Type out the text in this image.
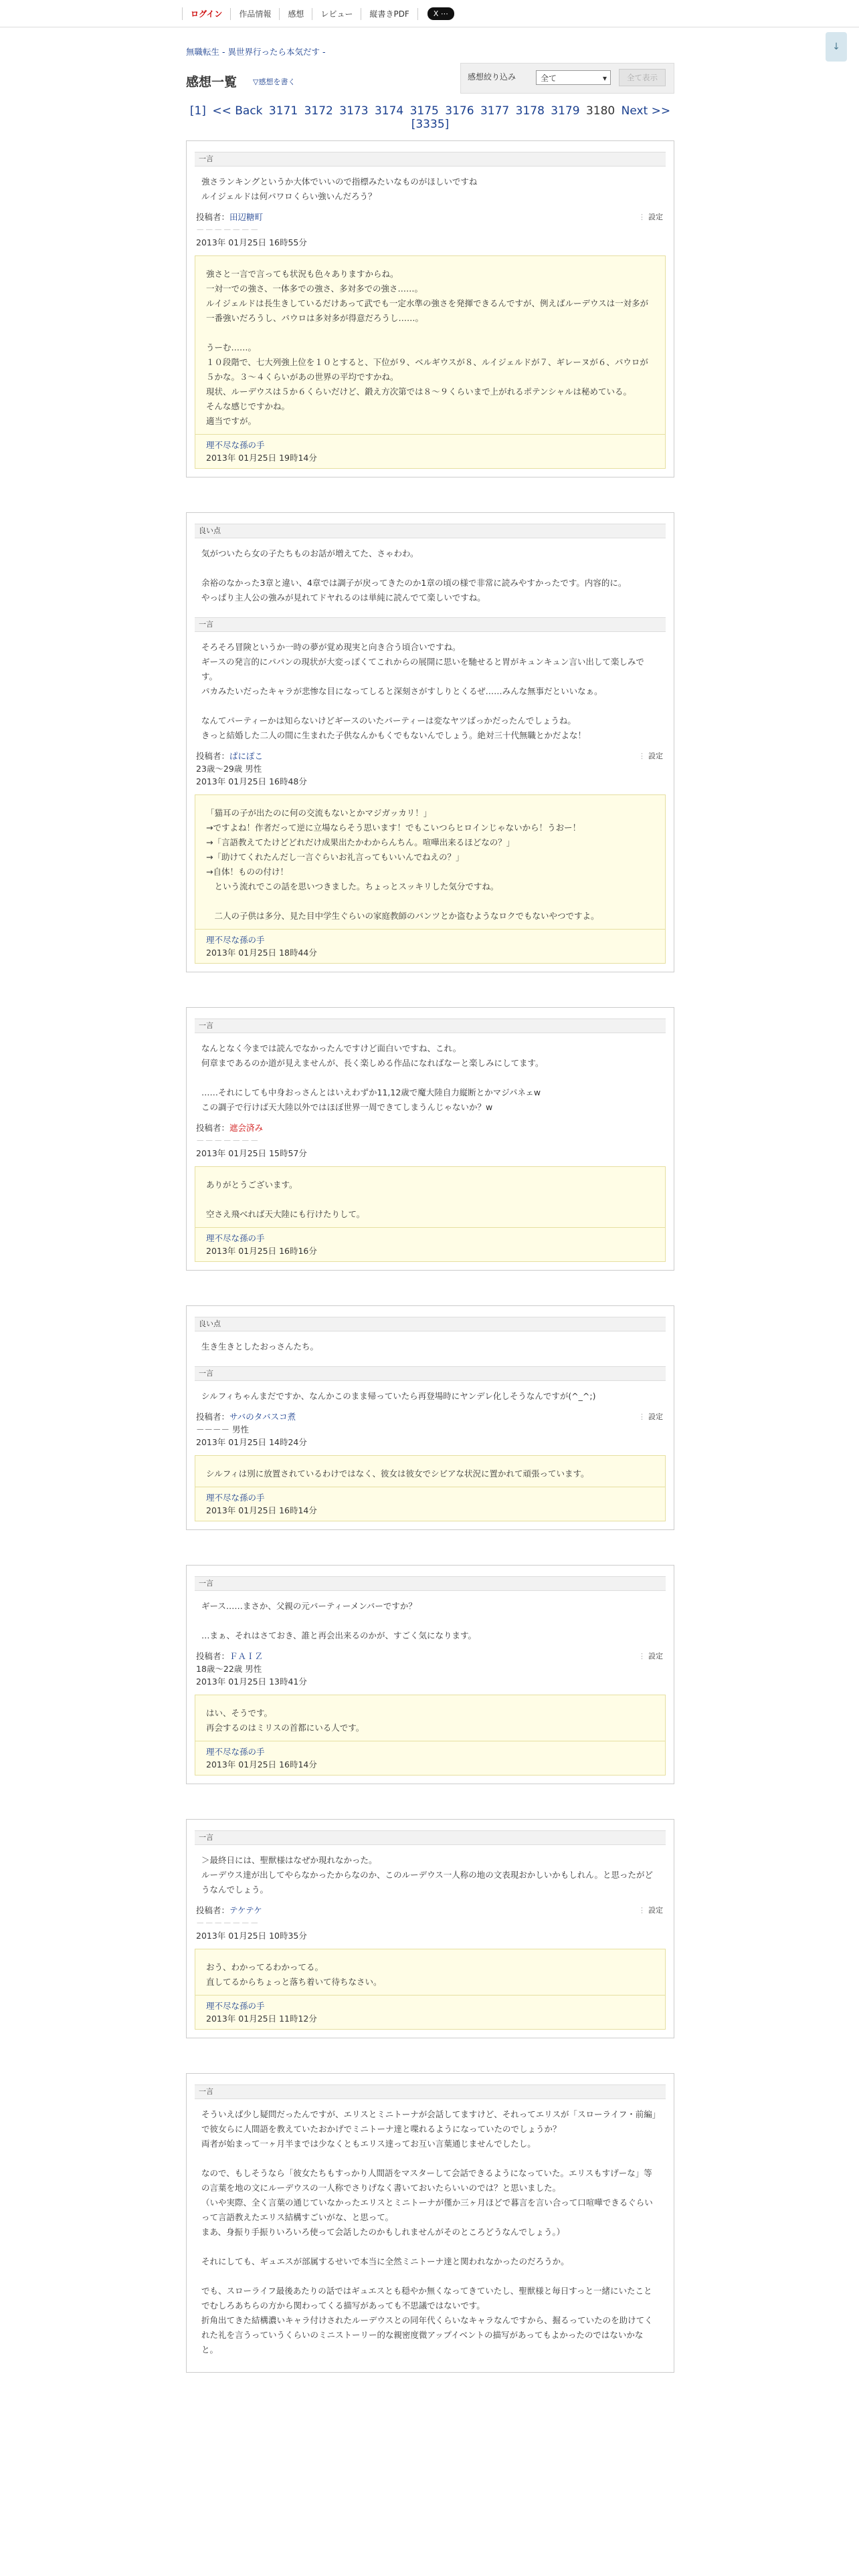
ログイン	作品情報	感想	レビュー	縦書きPDF	X ⋯
↓
無職転生 - 異世界行ったら本気だす -
感想一覧 ▽感想を書く
感想絞り込み	全て ▾	全て表示
[1] << Back 3171 3172 3173 3174 3175 3176 3177 3178 3179 3180 Next >> [3335]
一言
強さランキングというか大体でいいので指標みたいなものがほしいですね
ルイジェルドは何パワロくらい強いんだろう？
投稿者：田辺糖町	⋮ 設定
－－－－－－－
2013年 01月25日 16時55分
強さと一言で言っても状況も色々ありますからね。
一対一での強さ、一体多での強さ、多対多での強さ……。
ルイジェルドは長生きしているだけあって武でも一定水準の強さを発揮できるんですが、例えばルーデウスは一対多が一番強いだろうし、パウロは多対多が得意だろうし……。

うーむ……。
１０段階で、七大列強上位を１０とすると、下位が９、ベルギウスが８、ルイジェルドが７、ギレーヌが６、パウロが５かな。３～４くらいがあの世界の平均ですかね。
現状、ルーデウスは５か６くらいだけど、鍛え方次第では８～９くらいまで上がれるポテンシャルは秘めている。
そんな感じですかね。
適当ですが。
理不尽な孫の手
2013年 01月25日 19時14分
良い点
気がついたら女の子たちものお話が増えてた、さゃわわ。

余裕のなかった3章と違い、4章では調子が戻ってきたのか1章の頃の様で非常に読みやすかったです。内容的に。
やっぱり主人公の強みが見れてドヤれるのは単純に読んでて楽しいですね。
一言
そろそろ冒険というか一時の夢が覚め現実と向き合う頃合いですね。
ギースの発言的にパパンの現状が大変っぽくてこれからの展開に思いを馳せると胃がキュンキュン言い出して楽しみです。
パカみたいだったキャラが悲惨な目になってしると深刻さがすしりとくるぜ……みんな無事だといいなぁ。

なんてパーティーかは知らないけどギースのいたパーティーは変なヤツばっかだったんでしょうね。
きっと結婚した二人の間に生まれた子供なんかもくでもないんでしょう。絶対三十代無職とかだよな！
投稿者：ぱにぽこ	⋮ 設定
23歳～29歳 男性
2013年 01月25日 16時48分
「猫耳の子が出たのに何の交流もないとかマジガッカリ！」
→ですよね！作者だって逆に立場ならそう思います！でもこいつらヒロインじゃないから！うおー！
→「言語教えてたけどどれだけ成果出たかわからんちん。喧嘩出来るほどなの？」
→「助けてくれたんだし一言ぐらいお礼言ってもいいんでねえの？」
→自体！ものの付け！
　という流れでこの話を思いつきました。ちょっとスッキリした気分ですね。

　二人の子供は多分、見た目中学生ぐらいの家庭教師のパンツとか盗むようなロクでもないやつですよ。
理不尽な孫の手
2013年 01月25日 18時44分
一言
なんとなく今までは読んでなかったんですけど面白いですね、これ。
何章まであるのか道が見えませんが、長く楽しめる作品になればなーと楽しみにしてます。

……それにしても中身おっさんとはいえわずか11,12歳で魔大陸自力縦断とかマジパネェw
この調子で行けば天大陸以外ではほぼ世界一周できてしまうんじゃないか？w
投稿者：遮会済み
－－－－－－－
2013年 01月25日 15時57分
ありがとうございます。

空さえ飛べれば天大陸にも行けたりして。
理不尽な孫の手
2013年 01月25日 16時16分
良い点
生き生きとしたおっさんたち。
一言
シルフィちゃんまだですか、なんかこのまま帰っていたら再登場時にヤンデレ化しそうなんですが(^_^;)
投稿者：サバのタバスコ煮	⋮ 設定
－－－－ 男性
2013年 01月25日 14時24分
シルフィは別に放置されているわけではなく、彼女は彼女でシビアな状況に置かれて頑張っています。
理不尽な孫の手
2013年 01月25日 16時14分
一言
ギース……まさか、父親の元パーティーメンバーですか？

…まぁ、それはさておき、誰と再会出来るのかが、すごく気になります。
投稿者：ＦＡＩＺ	⋮ 設定
18歳～22歳 男性
2013年 01月25日 13時41分
はい、そうです。
再会するのはミリスの首都にいる人です。
理不尽な孫の手
2013年 01月25日 16時14分
一言
＞最終日には、聖獣様はなぜか現れなかった。
ルーデウス達が出してやらなかったからなのか、このルーデウス一人称の地の文表現おかしいかもしれん。と思ったがどうなんでしょう。
投稿者：テケテケ	⋮ 設定
－－－－－－－
2013年 01月25日 10時35分
おう、わかってるわかってる。
直してるからちょっと落ち着いて待ちなさい。
理不尽な孫の手
2013年 01月25日 11時12分
一言
そういえば少し疑問だったんですが、エリスとミニトーナが会話してますけど、それってエリスが「スローライフ・前編」で彼女らに人間語を教えていたおかげでミニトーナ達と喋れるようになっていたのでしょうか？
両者が始まって一ヶ月半までは少なくともエリス達ってお互い言葉通じませんでしたし。

なので、もしそうなら「彼女たちもすっかり人間語をマスターして会話できるようになっていた。エリスもすげーな」等の言葉を地の文にルーデウスの一人称でさりげなく書いておいたらいいのでは？と思いました。
（いや実際、全く言葉の通じていなかったエリスとミニトーナが僅か三ヶ月ほどで暮言を言い合って口喧嘩できるぐらいって言語教えたエリス結構すごいがな、と思って。
まあ、身振り手振りいろいろ使って会話したのかもしれませんがそのところどうなんでしょう。）

それにしても、ギュエスが部属するせいで本当に全然ミニトーナ達と関われなかったのだろうか。

でも、スローライフ最後あたりの話ではギュエスとも穏やか無くなってきていたし、聖獣様と毎日すっと一緒にいたことでむしろあちらの方から関わってくる描写があっても不思議ではないです。
折角出てきた結構濃いキャラ付けされたルーデウスとの同年代くらいなキャラなんですから、掘るっていたのを助けてくれた礼を言うっていうくらいのミニストーリー的な親密度微アップイベントの描写があってもよかったのではないかなと。
